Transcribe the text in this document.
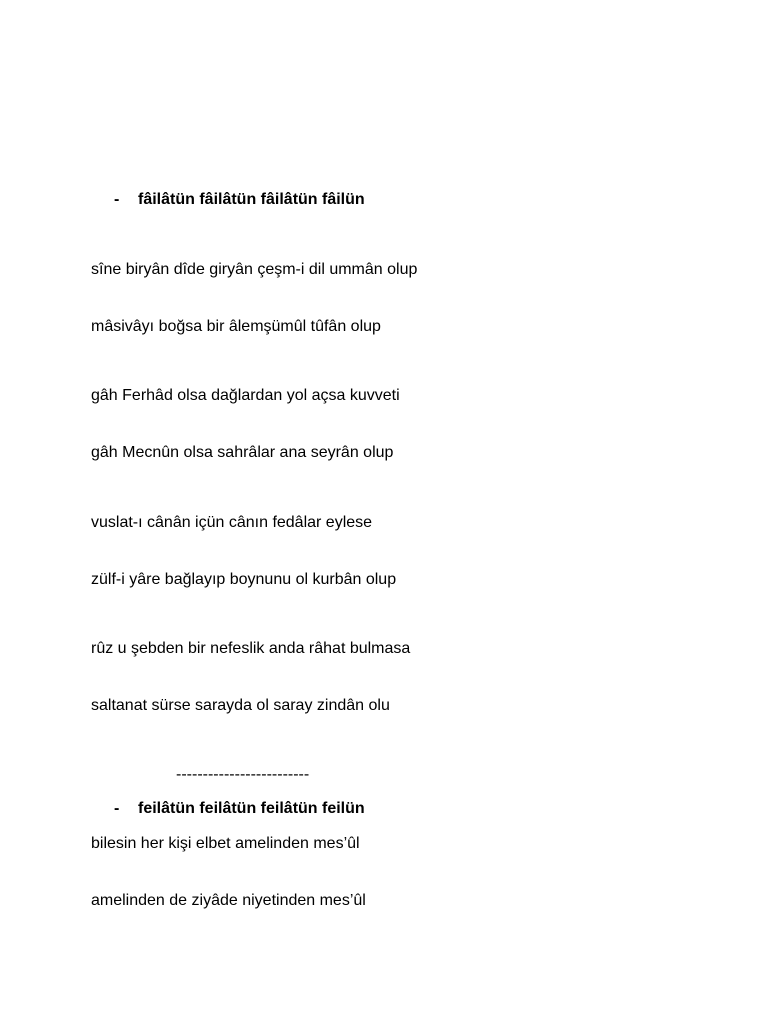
- fâilâtün fâilâtün fâilâtün fâilün
sîne biryân dîde giryân çeşm-i dil ummân olup
mâsivâyı boğsa bir âlemşümûl tûfân olup
gâh Ferhâd olsa dağlardan yol açsa kuvveti
gâh Mecnûn olsa sahrâlar ana seyrân olup
vuslat-ı cânân içün cânın fedâlar eylese
zülf-i yâre bağlayıp boynunu ol kurbân olup
rûz u şebden bir nefeslik anda râhat bulmasa
saltanat sürse sarayda ol saray zindân olu
-------------------------
- feilâtün feilâtün feilâtün feilün
bilesin her kişi elbet amelinden mes’ûl
amelinden de ziyâde niyetinden mes’ûl
